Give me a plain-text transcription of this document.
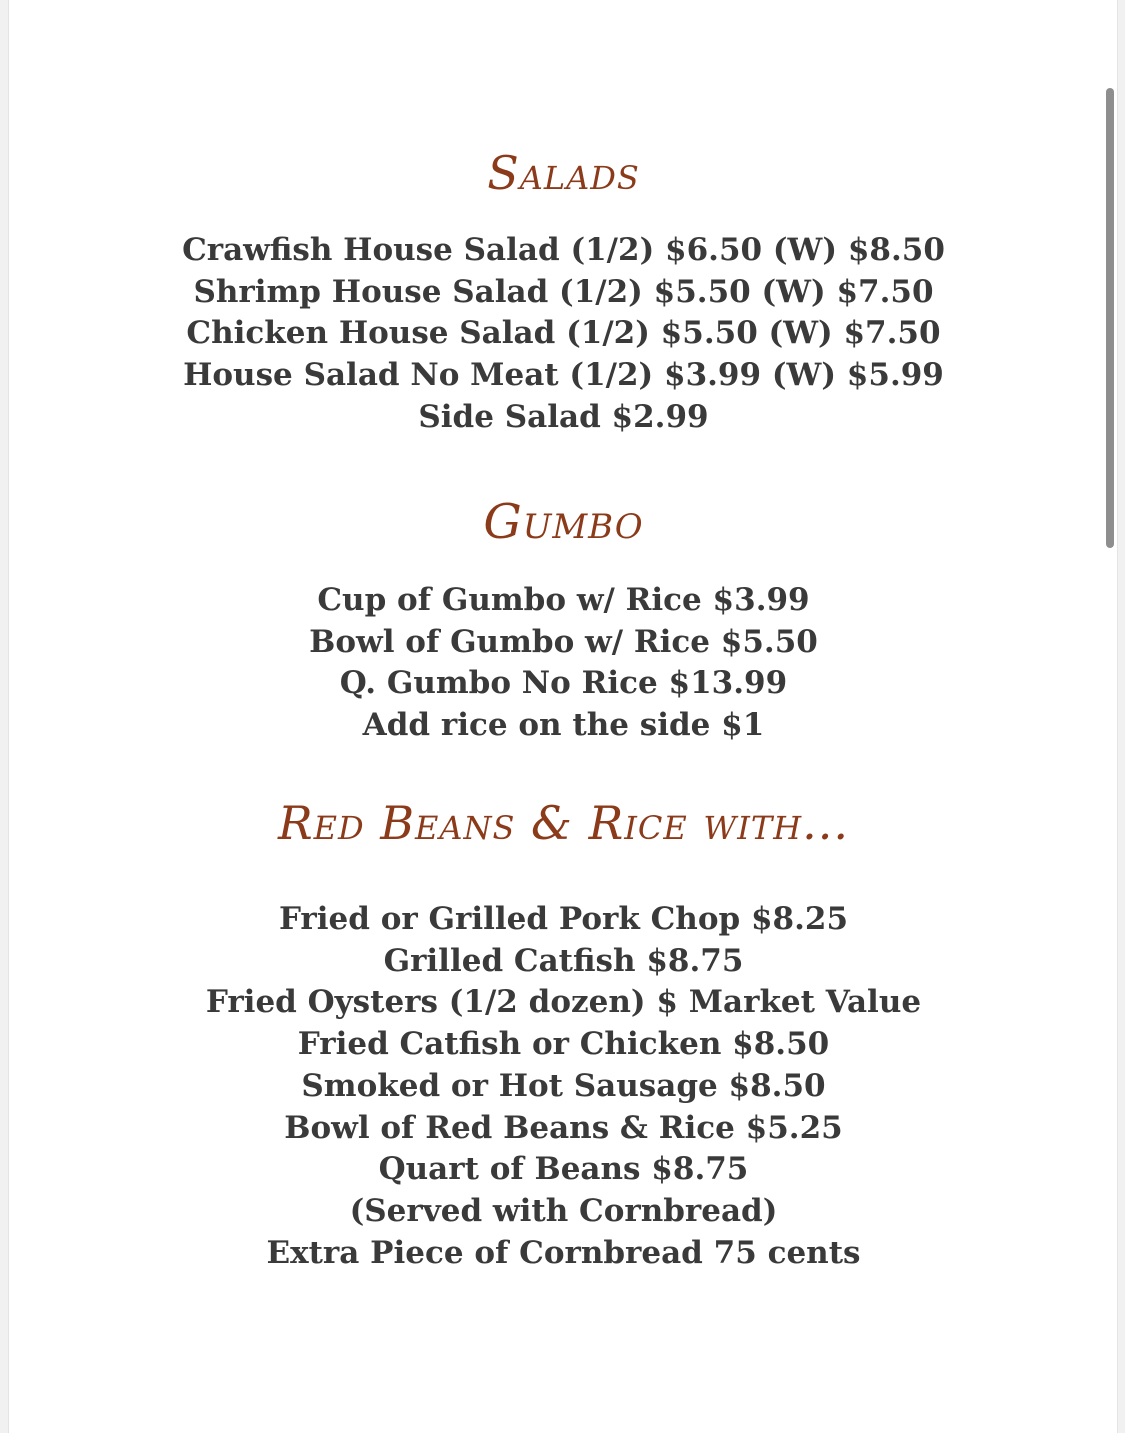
Salads
Crawfish House Salad (1/2) $6.50 (W) $8.50
Shrimp House Salad (1/2) $5.50 (W) $7.50
Chicken House Salad (1/2) $5.50 (W) $7.50
House Salad No Meat (1/2) $3.99 (W) $5.99
Side Salad $2.99
Gumbo
Cup of Gumbo w/ Rice $3.99
Bowl of Gumbo w/ Rice $5.50
Q. Gumbo No Rice $13.99
Add rice on the side $1
Red Beans & Rice with...
Fried or Grilled Pork Chop $8.25
Grilled Catfish $8.75
Fried Oysters (1/2 dozen) $ Market Value
Fried Catfish or Chicken $8.50
Smoked or Hot Sausage $8.50
Bowl of Red Beans & Rice $5.25
Quart of Beans $8.75
(Served with Cornbread)
Extra Piece of Cornbread 75 cents
